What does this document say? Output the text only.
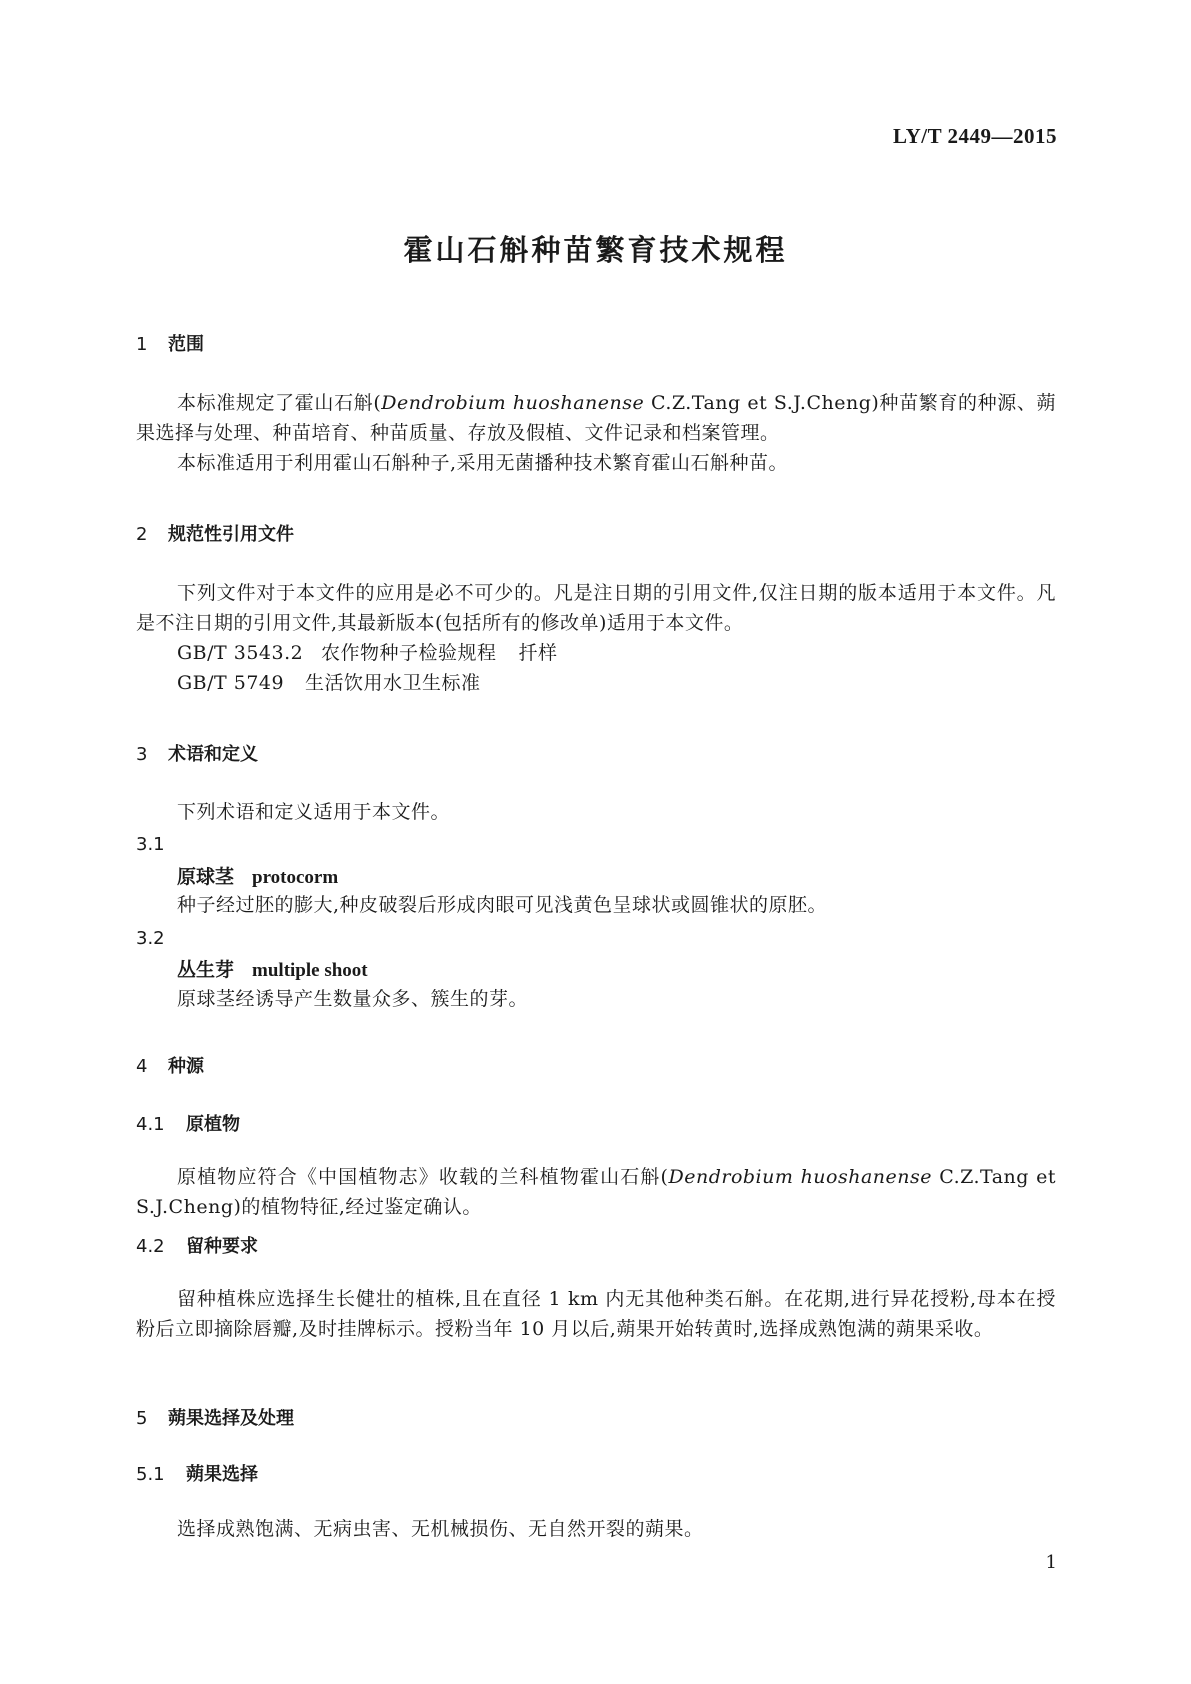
LY/T 2449—2015
霍山石斛种苗繁育技术规程
1 范围
本标准规定了霍山石斛(Dendrobium huoshanense C.Z.Tang et S.J.Cheng)种苗繁育的种源、蒴果选择与处理、种苗培育、种苗质量、存放及假植、文件记录和档案管理。
本标准适用于利用霍山石斛种子,采用无菌播种技术繁育霍山石斛种苗。
2 规范性引用文件
下列文件对于本文件的应用是必不可少的。凡是注日期的引用文件,仅注日期的版本适用于本文件。凡是不注日期的引用文件,其最新版本(包括所有的修改单)适用于本文件。
GB/T 3543.2 农作物种子检验规程 扦样
GB/T 5749 生活饮用水卫生标准
3 术语和定义
下列术语和定义适用于本文件。
3.1
原球茎 protocorm
种子经过胚的膨大,种皮破裂后形成肉眼可见浅黄色呈球状或圆锥状的原胚。
3.2
丛生芽 multiple shoot
原球茎经诱导产生数量众多、簇生的芽。
4 种源
4.1 原植物
原植物应符合《中国植物志》收载的兰科植物霍山石斛(Dendrobium huoshanense C.Z.Tang et S.J.Cheng)的植物特征,经过鉴定确认。
4.2 留种要求
留种植株应选择生长健壮的植株,且在直径 1 km 内无其他种类石斛。在花期,进行异花授粉,母本在授粉后立即摘除唇瓣,及时挂牌标示。授粉当年 10 月以后,蒴果开始转黄时,选择成熟饱满的蒴果采收。
5 蒴果选择及处理
5.1 蒴果选择
选择成熟饱满、无病虫害、无机械损伤、无自然开裂的蒴果。
1
